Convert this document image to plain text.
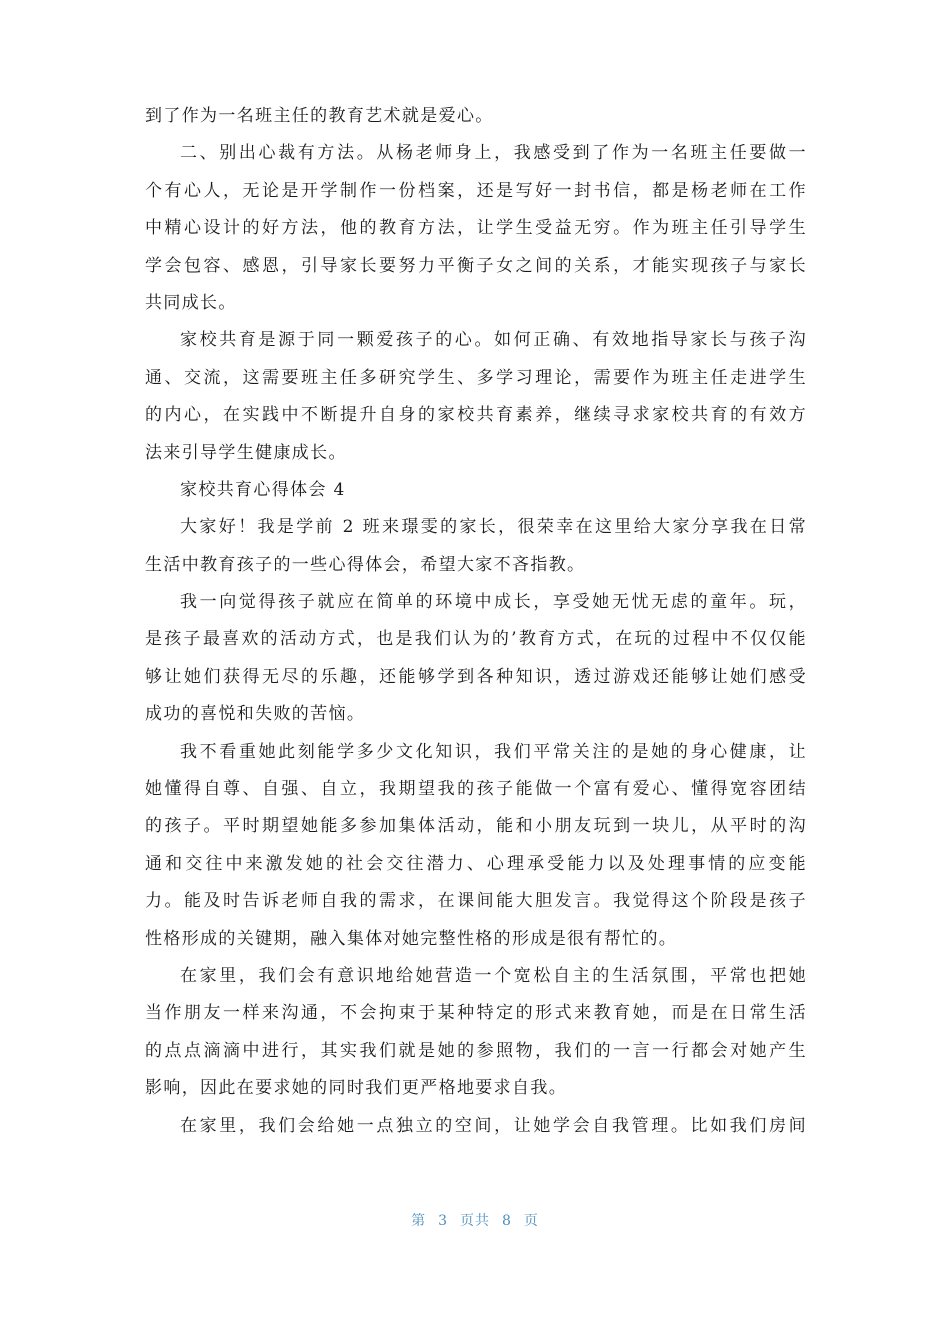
到了作为一名班主任的教育艺术就是爱心。
二、别出心裁有方法。从杨老师身上，我感受到了作为一名班主任要做一
个有心人，无论是开学制作一份档案，还是写好一封书信，都是杨老师在工作
中精心设计的好方法，他的教育方法，让学生受益无穷。作为班主任引导学生
学会包容、感恩，引导家长要努力平衡子女之间的关系，才能实现孩子与家长
共同成长。
家校共育是源于同一颗爱孩子的心。如何正确、有效地指导家长与孩子沟
通、交流，这需要班主任多研究学生、多学习理论，需要作为班主任走进学生
的内心，在实践中不断提升自身的家校共育素养，继续寻求家校共育的有效方
法来引导学生健康成长。
家校共育心得体会 4
大家好！我是学前 2 班来璟雯的家长，很荣幸在这里给大家分享我在日常
生活中教育孩子的一些心得体会，希望大家不吝指教。
我一向觉得孩子就应在简单的环境中成长，享受她无忧无虑的童年。玩，
是孩子最喜欢的活动方式，也是我们认为的’教育方式，在玩的过程中不仅仅能
够让她们获得无尽的乐趣，还能够学到各种知识，透过游戏还能够让她们感受
成功的喜悦和失败的苦恼。
我不看重她此刻能学多少文化知识，我们平常关注的是她的身心健康，让
她懂得自尊、自强、自立，我期望我的孩子能做一个富有爱心、懂得宽容团结
的孩子。平时期望她能多参加集体活动，能和小朋友玩到一块儿，从平时的沟
通和交往中来激发她的社会交往潜力、心理承受能力以及处理事情的应变能
力。能及时告诉老师自我的需求，在课间能大胆发言。我觉得这个阶段是孩子
性格形成的关键期，融入集体对她完整性格的形成是很有帮忙的。
在家里，我们会有意识地给她营造一个宽松自主的生活氛围，平常也把她
当作朋友一样来沟通，不会拘束于某种特定的形式来教育她，而是在日常生活
的点点滴滴中进行，其实我们就是她的参照物，我们的一言一行都会对她产生
影响，因此在要求她的同时我们更严格地要求自我。
在家里，我们会给她一点独立的空间，让她学会自我管理。比如我们房间
第 3 页共 8 页
